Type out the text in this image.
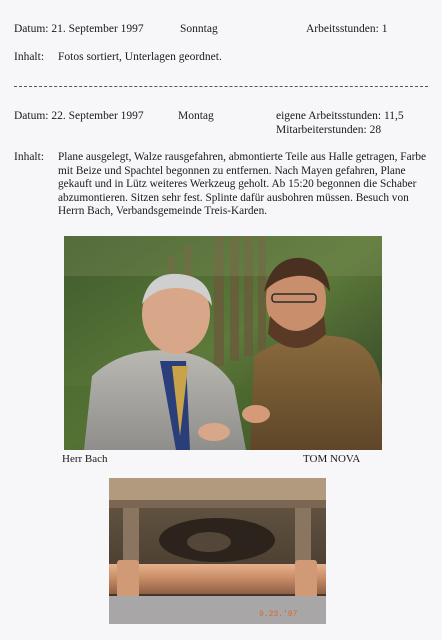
Datum: 21. September 1997	Sonntag	Arbeitsstunden: 1
Inhalt: Fotos sortiert, Unterlagen geordnet.
Datum: 22. September 1997	Montag	eigene Arbeitsstunden: 11,5
Mitarbeiterstunden: 28
Inhalt: Plane ausgelegt, Walze rausgefahren, abmontierte Teile aus Halle getragen, Farbe mit Beize und Spachtel begonnen zu entfernen. Nach Mayen gefahren, Plane gekauft und in Lütz weiteres Werkzeug geholt. Ab 15:20 begonnen die Schaber abzumontieren. Sitzen sehr fest. Splinte dafür ausbohren müssen. Besuch von Herrn Bach, Verbandsgemeinde Treis-Karden.
Herr Bach	TOM NOVA
9.23.'97
